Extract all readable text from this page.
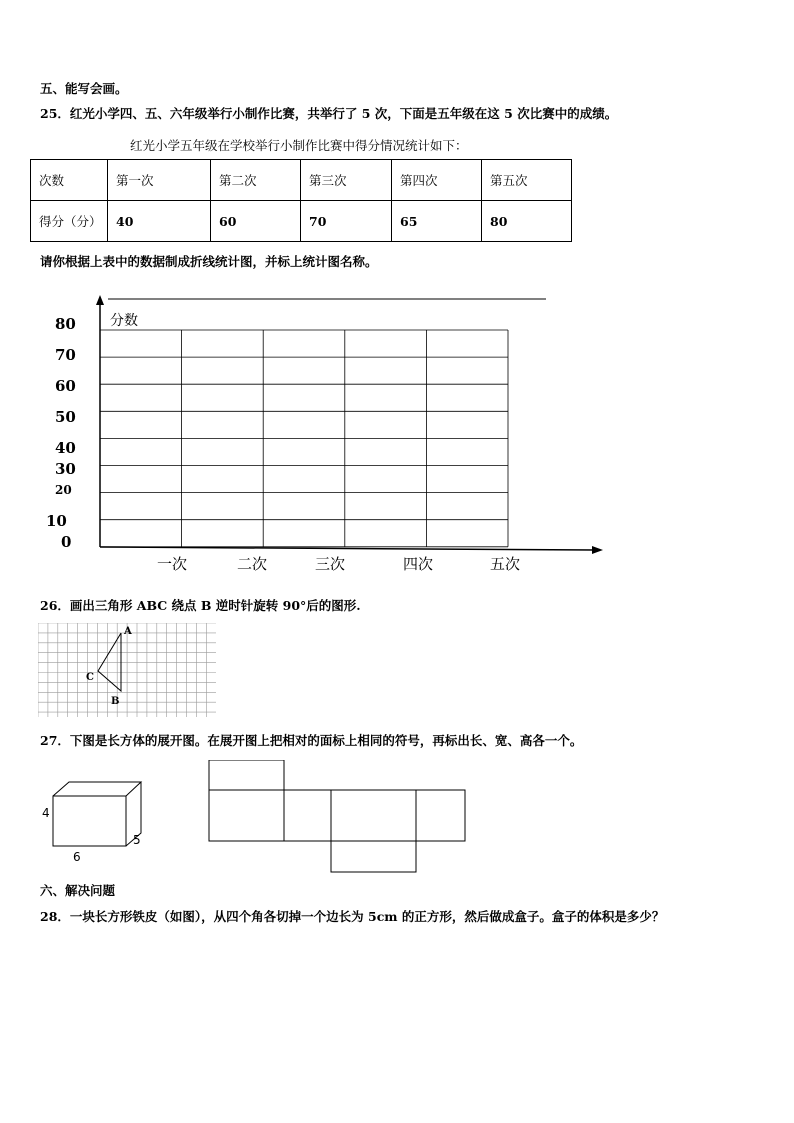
五、能写会画。
25．红光小学四、五、六年级举行小制作比赛，共举行了 5 次，下面是五年级在这 5 次比赛中的成绩。
红光小学五年级在学校举行小制作比赛中得分情况统计如下：
次数	第一次	第二次	第三次	第四次	第五次
得分（分）	40	60	70	65	80
请你根据上表中的数据制成折线统计图，并标上统计图名称。
分数
80
70
60
50
40
30
20
10
0
一次	二次	三次	四次	五次
26．画出三角形 ABC 绕点 B 逆时针旋转 90°后的图形.
A
B
C
27．下图是长方体的展开图。在展开图上把相对的面标上相同的符号，再标出长、宽、高各一个。
4
5
6
六、解决问题
28．一块长方形铁皮（如图），从四个角各切掉一个边长为 5cm 的正方形，然后做成盒子。盒子的体积是多少？
